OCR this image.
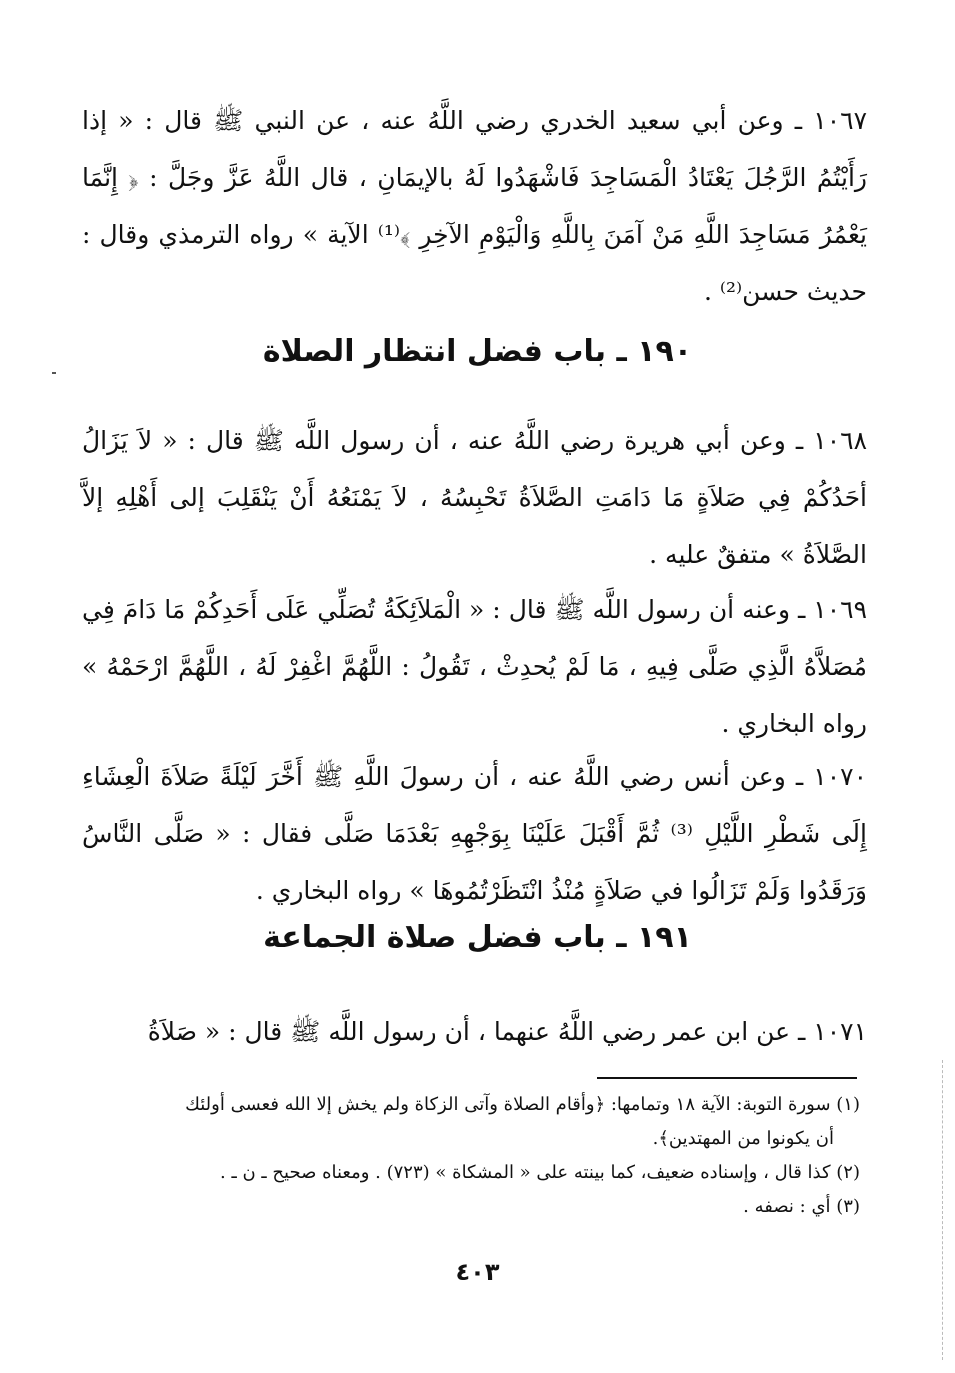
١٠٦٧ ـ وعن أبي سعيد الخدري رضي اللَّهُ عنه ، عن النبي ﷺ قال : « إذا رَأَيْتُمُ الرَّجُلَ يَعْتَادُ الْمَسَاجِدَ فَاشْهَدُوا لَهُ بالإيمَانِ ، قال اللَّهُ عَزَّ وجَلَّ : ﴿ إِنَّمَا يَعْمُرُ مَسَاجِدَ اللَّهِ مَنْ آمَنَ بِاللَّهِ وَالْيَوْمِ الآخِرِ ﴾⁽¹⁾ الآية » رواه الترمذي وقال : حديث حسن⁽²⁾ .

١٩٠ ـ باب فضل انتظار الصلاة

١٠٦٨ ـ وعن أبي هريرة رضي اللَّهُ عنه ، أن رسول اللَّه ﷺ قال : « لاَ يَزَالُ أحَدُكُمْ فِي صَلاَةٍ مَا دَامَتِ الصَّلاَةُ تَحْبِسُهُ ، لاَ يَمْنَعُهُ أَنْ يَنْقَلِبَ إلى أَهْلِهِ إلاَّ الصَّلاَةُ » متفقٌ عليه .

١٠٦٩ ـ وعنه أن رسول اللَّه ﷺ قال : « الْمَلاَئِكَةُ تُصَلِّي عَلَى أَحَدِكُمْ مَا دَامَ فِي مُصَلاَّهُ الَّذِي صَلَّى فِيهِ ، مَا لَمْ يُحدِثْ ، تَقُولُ : اللَّهُمَّ اغْفِرْ لَهُ ، اللَّهُمَّ ارْحَمْهُ » رواه البخاري .

١٠٧٠ ـ وعن أنس رضي اللَّهُ عنه ، أن رسولَ اللَّهِ ﷺ أَخَّرَ لَيْلَةً صَلاَةَ الْعِشَاءِ إِلَى شَطْرِ اللَّيْلِ ⁽³⁾ ثُمَّ أَقْبَلَ عَلَيْنَا بِوَجْهِهِ بَعْدَمَا صَلَّى فقال : « صَلَّى النَّاسُ وَرَقَدُوا وَلَمْ تَزَالُوا في صَلاَةٍ مُنْذُ انْتَظَرْتُمُوهَا » رواه البخاري .

١٩١ ـ باب فضل صلاة الجماعة

١٠٧١ ـ عن ابن عمر رضي اللَّهُ عنهما ، أن رسول اللَّه ﷺ قال : « صَلاَةُ

(١) سورة التوبة: الآية ١٨ وتمامها: ﴿وأقام الصلاة وآتى الزكاة ولم يخش إلا الله فعسى أولئك
أن يكونوا من المهتدين﴾.
(٢) كذا قال ، وإسناده ضعيف، كما بينته على « المشكاة » (٧٢٣) . ومعناه صحيح ـ ن ـ .
(٣) أي : نصفه .
٤٠٣
